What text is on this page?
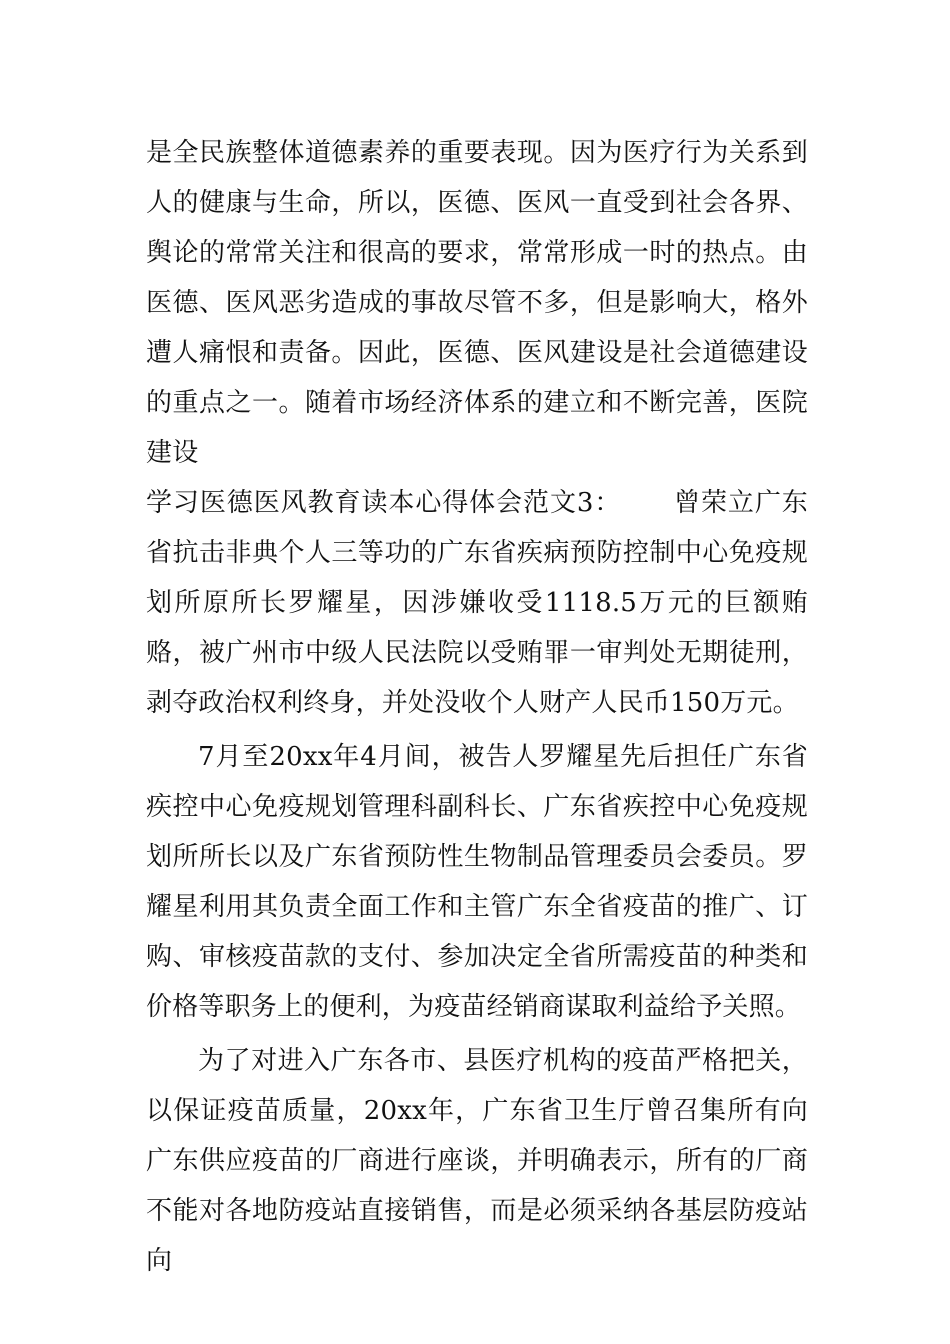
是全民族整体道德素养的重要表现。因为医疗行为关系到人的健康与生命，所以，医德、医风一直受到社会各界、舆论的常常关注和很高的要求，常常形成一时的热点。由医德、医风恶劣造成的事故尽管不多，但是影响大，格外遭人痛恨和责备。因此，医德、医风建设是社会道德建设的重点之一。随着市场经济体系的建立和不断完善，医院建设

学习医德医风教育读本心得体会范文3： 曾荣立广东省抗击非典个人三等功的广东省疾病预防控制中心免疫规划所原所长罗耀星，因涉嫌收受1118.5万元的巨额贿赂，被广州市中级人民法院以受贿罪一审判处无期徒刑，剥夺政治权利终身，并处没收个人财产人民币150万元。

7月至20xx年4月间，被告人罗耀星先后担任广东省疾控中心免疫规划管理科副科长、广东省疾控中心免疫规划所所长以及广东省预防性生物制品管理委员会委员。罗耀星利用其负责全面工作和主管广东全省疫苗的推广、订购、审核疫苗款的支付、参加决定全省所需疫苗的种类和价格等职务上的便利，为疫苗经销商谋取利益给予关照。

为了对进入广东各市、县医疗机构的疫苗严格把关，以保证疫苗质量，20xx年，广东省卫生厅曾召集所有向广东供应疫苗的厂商进行座谈，并明确表示，所有的厂商不能对各地防疫站直接销售，而是必须采纳各基层防疫站向
